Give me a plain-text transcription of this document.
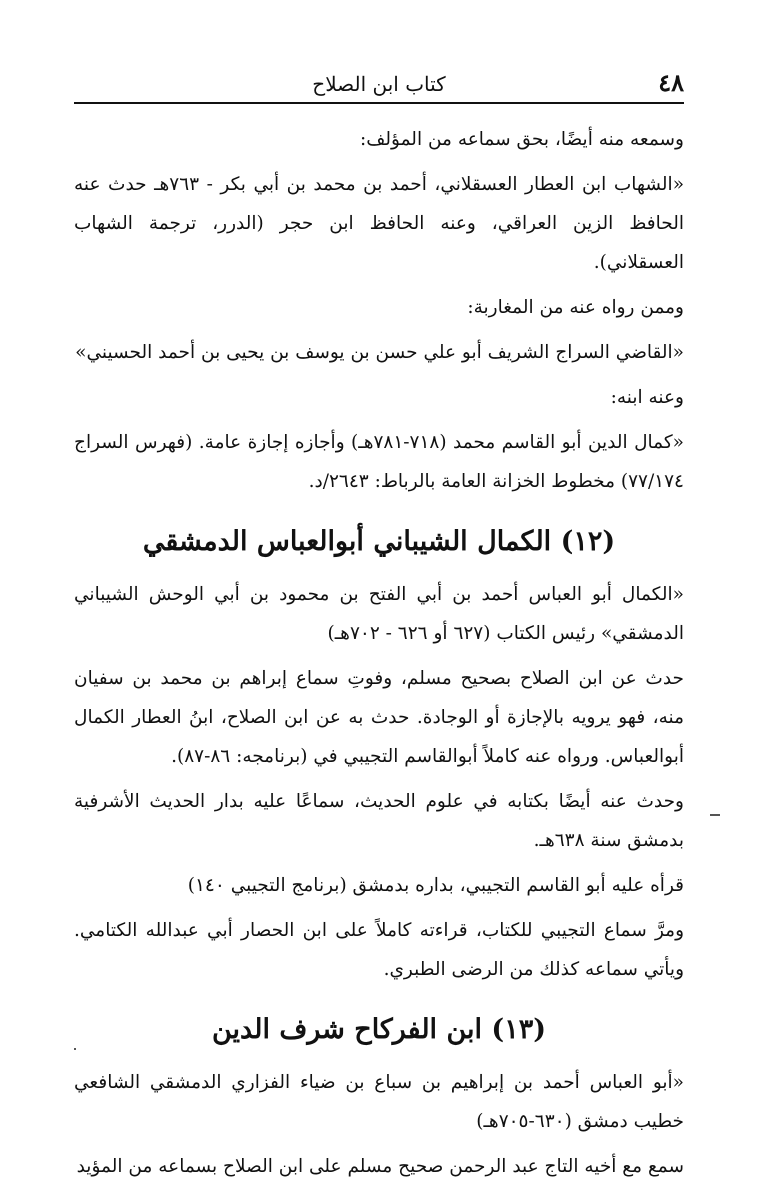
٤٨
كتاب ابن الصلاح

وسمعه منه أيضًا، بحق سماعه من المؤلف:

«الشهاب ابن العطار العسقلاني، أحمد بن محمد بن أبي بكر - ٧٦٣هـ حدث عنه الحافظ الزين العراقي، وعنه الحافظ ابن حجر (الدرر، ترجمة الشهاب العسقلاني).

وممن رواه عنه من المغاربة:

«القاضي السراج الشريف أبو علي حسن بن يوسف بن يحيى بن أحمد الحسيني»

وعنه ابنه:

«كمال الدين أبو القاسم محمد (٧١٨-٧٨١هـ) وأجازه إجازة عامة. (فهرس السراج ٧٧/١٧٤) مخطوط الخزانة العامة بالرباط: ٢٦٤٣/د.

(١٢) الكمال الشيباني أبوالعباس الدمشقي

«الكمال أبو العباس أحمد بن أبي الفتح بن محمود بن أبي الوحش الشيباني الدمشقي» رئيس الكتاب (٦٢٧ أو ٦٢٦ - ٧٠٢هـ)

حدث عن ابن الصلاح بصحيح مسلم، وفوتِ سماع إبراهم بن محمد بن سفيان منه، فهو يرويه بالإجازة أو الوجادة. حدث به عن ابن الصلاح، ابنُ العطار الكمال أبوالعباس. ورواه عنه كاملاً أبوالقاسم التجيبي في (برنامجه: ٨٦-٨٧).

وحدث عنه أيضًا بكتابه في علوم الحديث، سماعًا عليه بدار الحديث الأشرفية بدمشق سنة ٦٣٨هـ.

قرأه عليه أبو القاسم التجيبي، بداره بدمشق (برنامج التجيبي ١٤٠)

ومرَّ سماع التجيبي للكتاب، قراءته كاملاً على ابن الحصار أبي عبدالله الكتامي. ويأتي سماعه كذلك من الرضى الطبري.

(١٣) ابن الفركاح شرف الدين

«أبو العباس أحمد بن إبراهيم بن سباع بن ضياء الفزاري الدمشقي الشافعي خطيب دمشق (٦٣٠-٧٠٥هـ)

سمع مع أخيه التاج عبد الرحمن صحيح مسلم على ابن الصلاح بسماعه من المؤيد
